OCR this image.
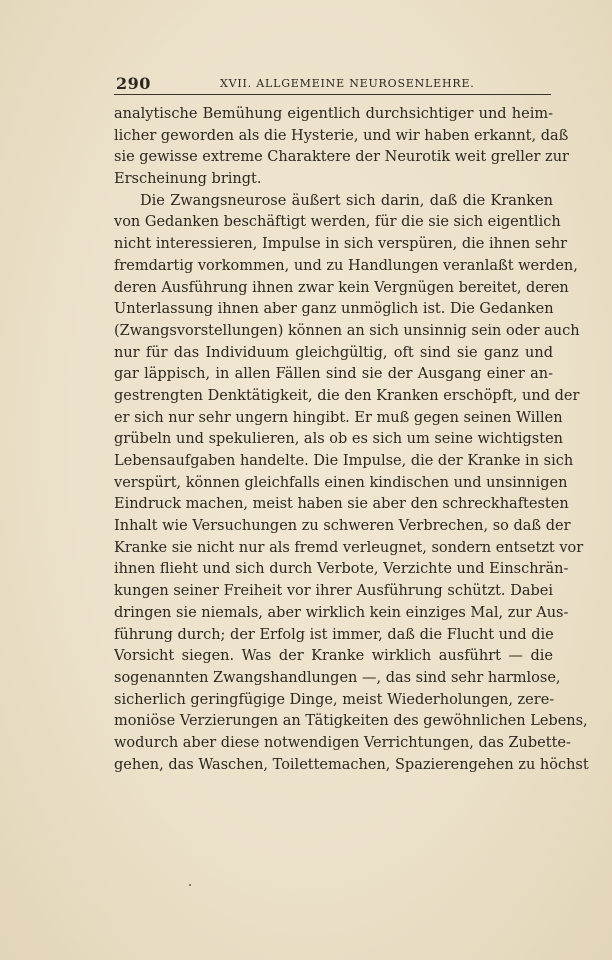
290	XVII. ALLGEMEINE NEUROSENLEHRE.
analytische Bemühung eigentlich durchsichtiger und heim-
licher geworden als die Hysterie, und wir haben erkannt, daß
sie gewisse extreme Charaktere der Neurotik weit greller zur
Erscheinung bringt.
Die Zwangsneurose äußert sich darin, daß die Kranken
von Gedanken beschäftigt werden, für die sie sich eigentlich
nicht interessieren, Impulse in sich verspüren, die ihnen sehr
fremdartig vorkommen, und zu Handlungen veranlaßt werden,
deren Ausführung ihnen zwar kein Vergnügen bereitet, deren
Unterlassung ihnen aber ganz unmöglich ist. Die Gedanken
(Zwangsvorstellungen) können an sich unsinnig sein oder auch
nur für das Individuum gleichgültig, oft sind sie ganz und
gar läppisch, in allen Fällen sind sie der Ausgang einer an-
gestrengten Denktätigkeit, die den Kranken erschöpft, und der
er sich nur sehr ungern hingibt. Er muß gegen seinen Willen
grübeln und spekulieren, als ob es sich um seine wichtigsten
Lebensaufgaben handelte. Die Impulse, die der Kranke in sich
verspürt, können gleichfalls einen kindischen und unsinnigen
Eindruck machen, meist haben sie aber den schreckhaftesten
Inhalt wie Versuchungen zu schweren Verbrechen, so daß der
Kranke sie nicht nur als fremd verleugnet, sondern entsetzt vor
ihnen flieht und sich durch Verbote, Verzichte und Einschrän-
kungen seiner Freiheit vor ihrer Ausführung schützt. Dabei
dringen sie niemals, aber wirklich kein einziges Mal, zur Aus-
führung durch; der Erfolg ist immer, daß die Flucht und die
Vorsicht siegen. Was der Kranke wirklich ausführt — die
sogenannten Zwangshandlungen —, das sind sehr harmlose,
sicherlich geringfügige Dinge, meist Wiederholungen, zere-
moniöse Verzierungen an Tätigkeiten des gewöhnlichen Lebens,
wodurch aber diese notwendigen Verrichtungen, das Zubette-
gehen, das Waschen, Toilettemachen, Spazierengehen zu höchst
